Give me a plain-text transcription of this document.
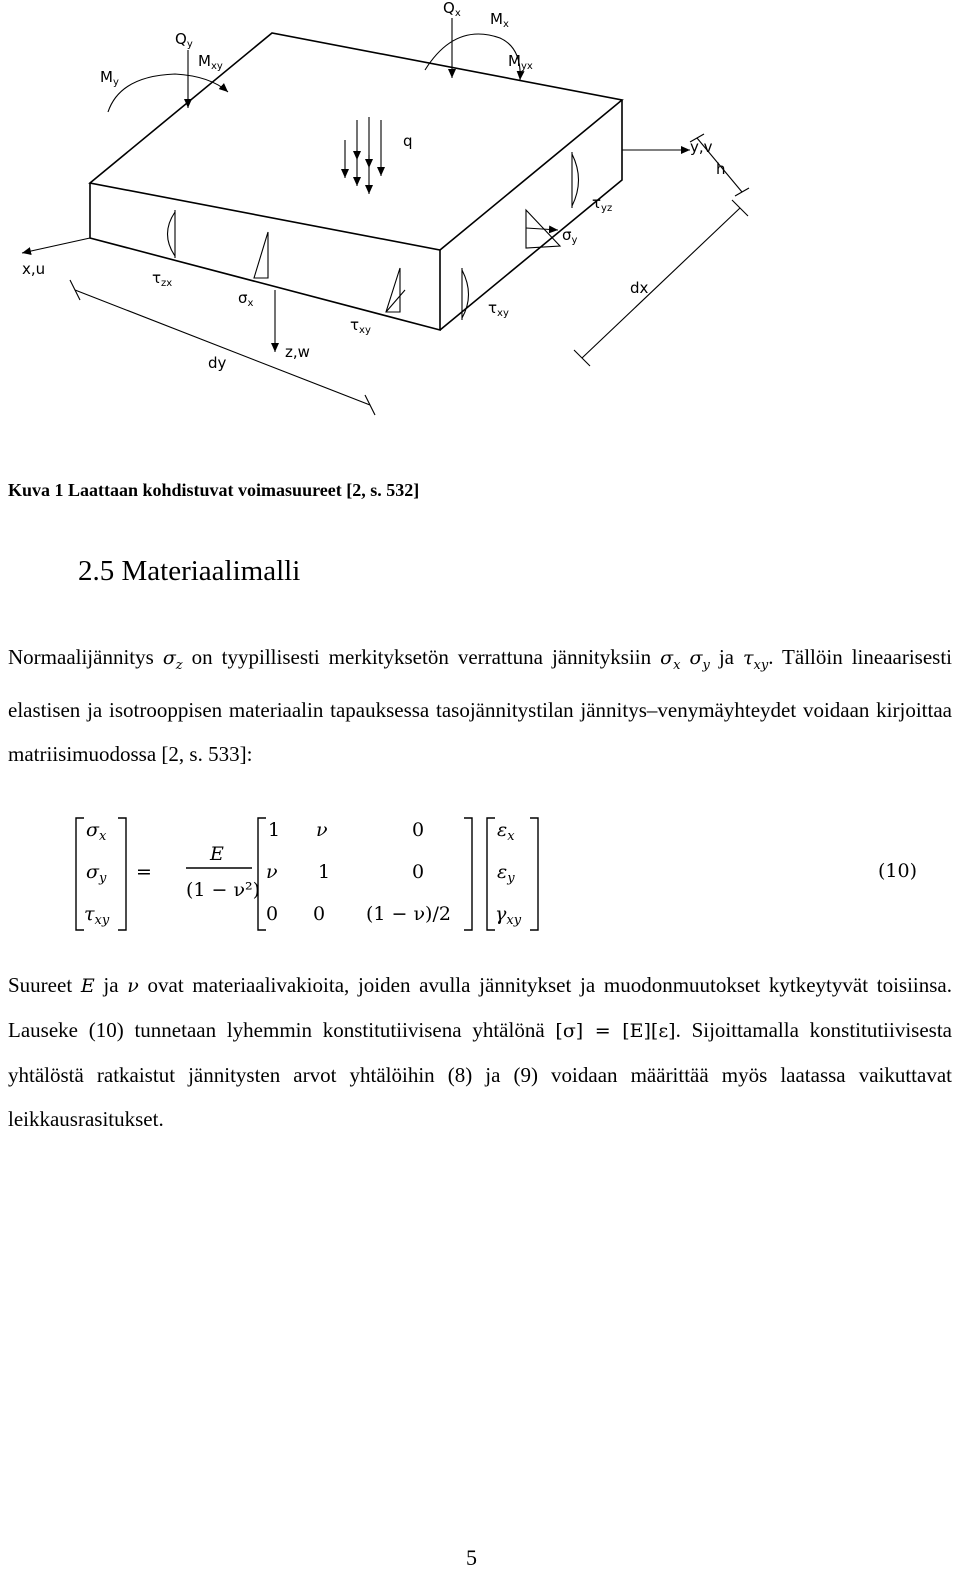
$Q_x$ $M_x$
$M_{yx}$
$Q_y$
$M_{xy}$
$M_y$
q	y,v
h
$\tau_{yz}$
$\sigma_y$
x,u	$\tau_{zx}$	dx
$\sigma_x$	$\tau_{xy}$
$\tau_{xy}$
z,w
dy
Kuva 1 Laattaan kohdistuvat voimasuureet [2, s. 532]
2.5 Materiaalimalli
Normaalijännitys $\sigma_z$ on tyypillisesti merkityksetön verrattuna jännityksiin $\sigma_x$ $\sigma_y$ ja $\tau_{xy}$. Tällöin lineaarisesti elastisen ja isotrooppisen materiaalin tapauksessa tasojännitystilan jännitys–venymäyhteydet voidaan kirjoittaa matriisimuodossa [2, s. 533]:
$\sigma_x$
$\sigma_y$
$\tau_{xy}$
=
E
(1 − ν²)
1 ν	0
ν 1	0
0 0 (1 − ν)/2
$\varepsilon_x$
$\varepsilon_y$
$\gamma_{xy}$
(10)
Suureet E ja ν ovat materiaalivakioita, joiden avulla jännitykset ja muodonmuutokset kytkeytyvät toisiinsa. Lauseke (10) tunnetaan lyhemmin konstitutiivisena yhtälönä [σ] = [E][ε]. Sijoittamalla konstitutiivisesta yhtälöstä ratkaistut jännitysten arvot yhtälöihin (8) ja (9) voidaan määrittää myös laatassa vaikuttavat leikkausrasitukset.
5
